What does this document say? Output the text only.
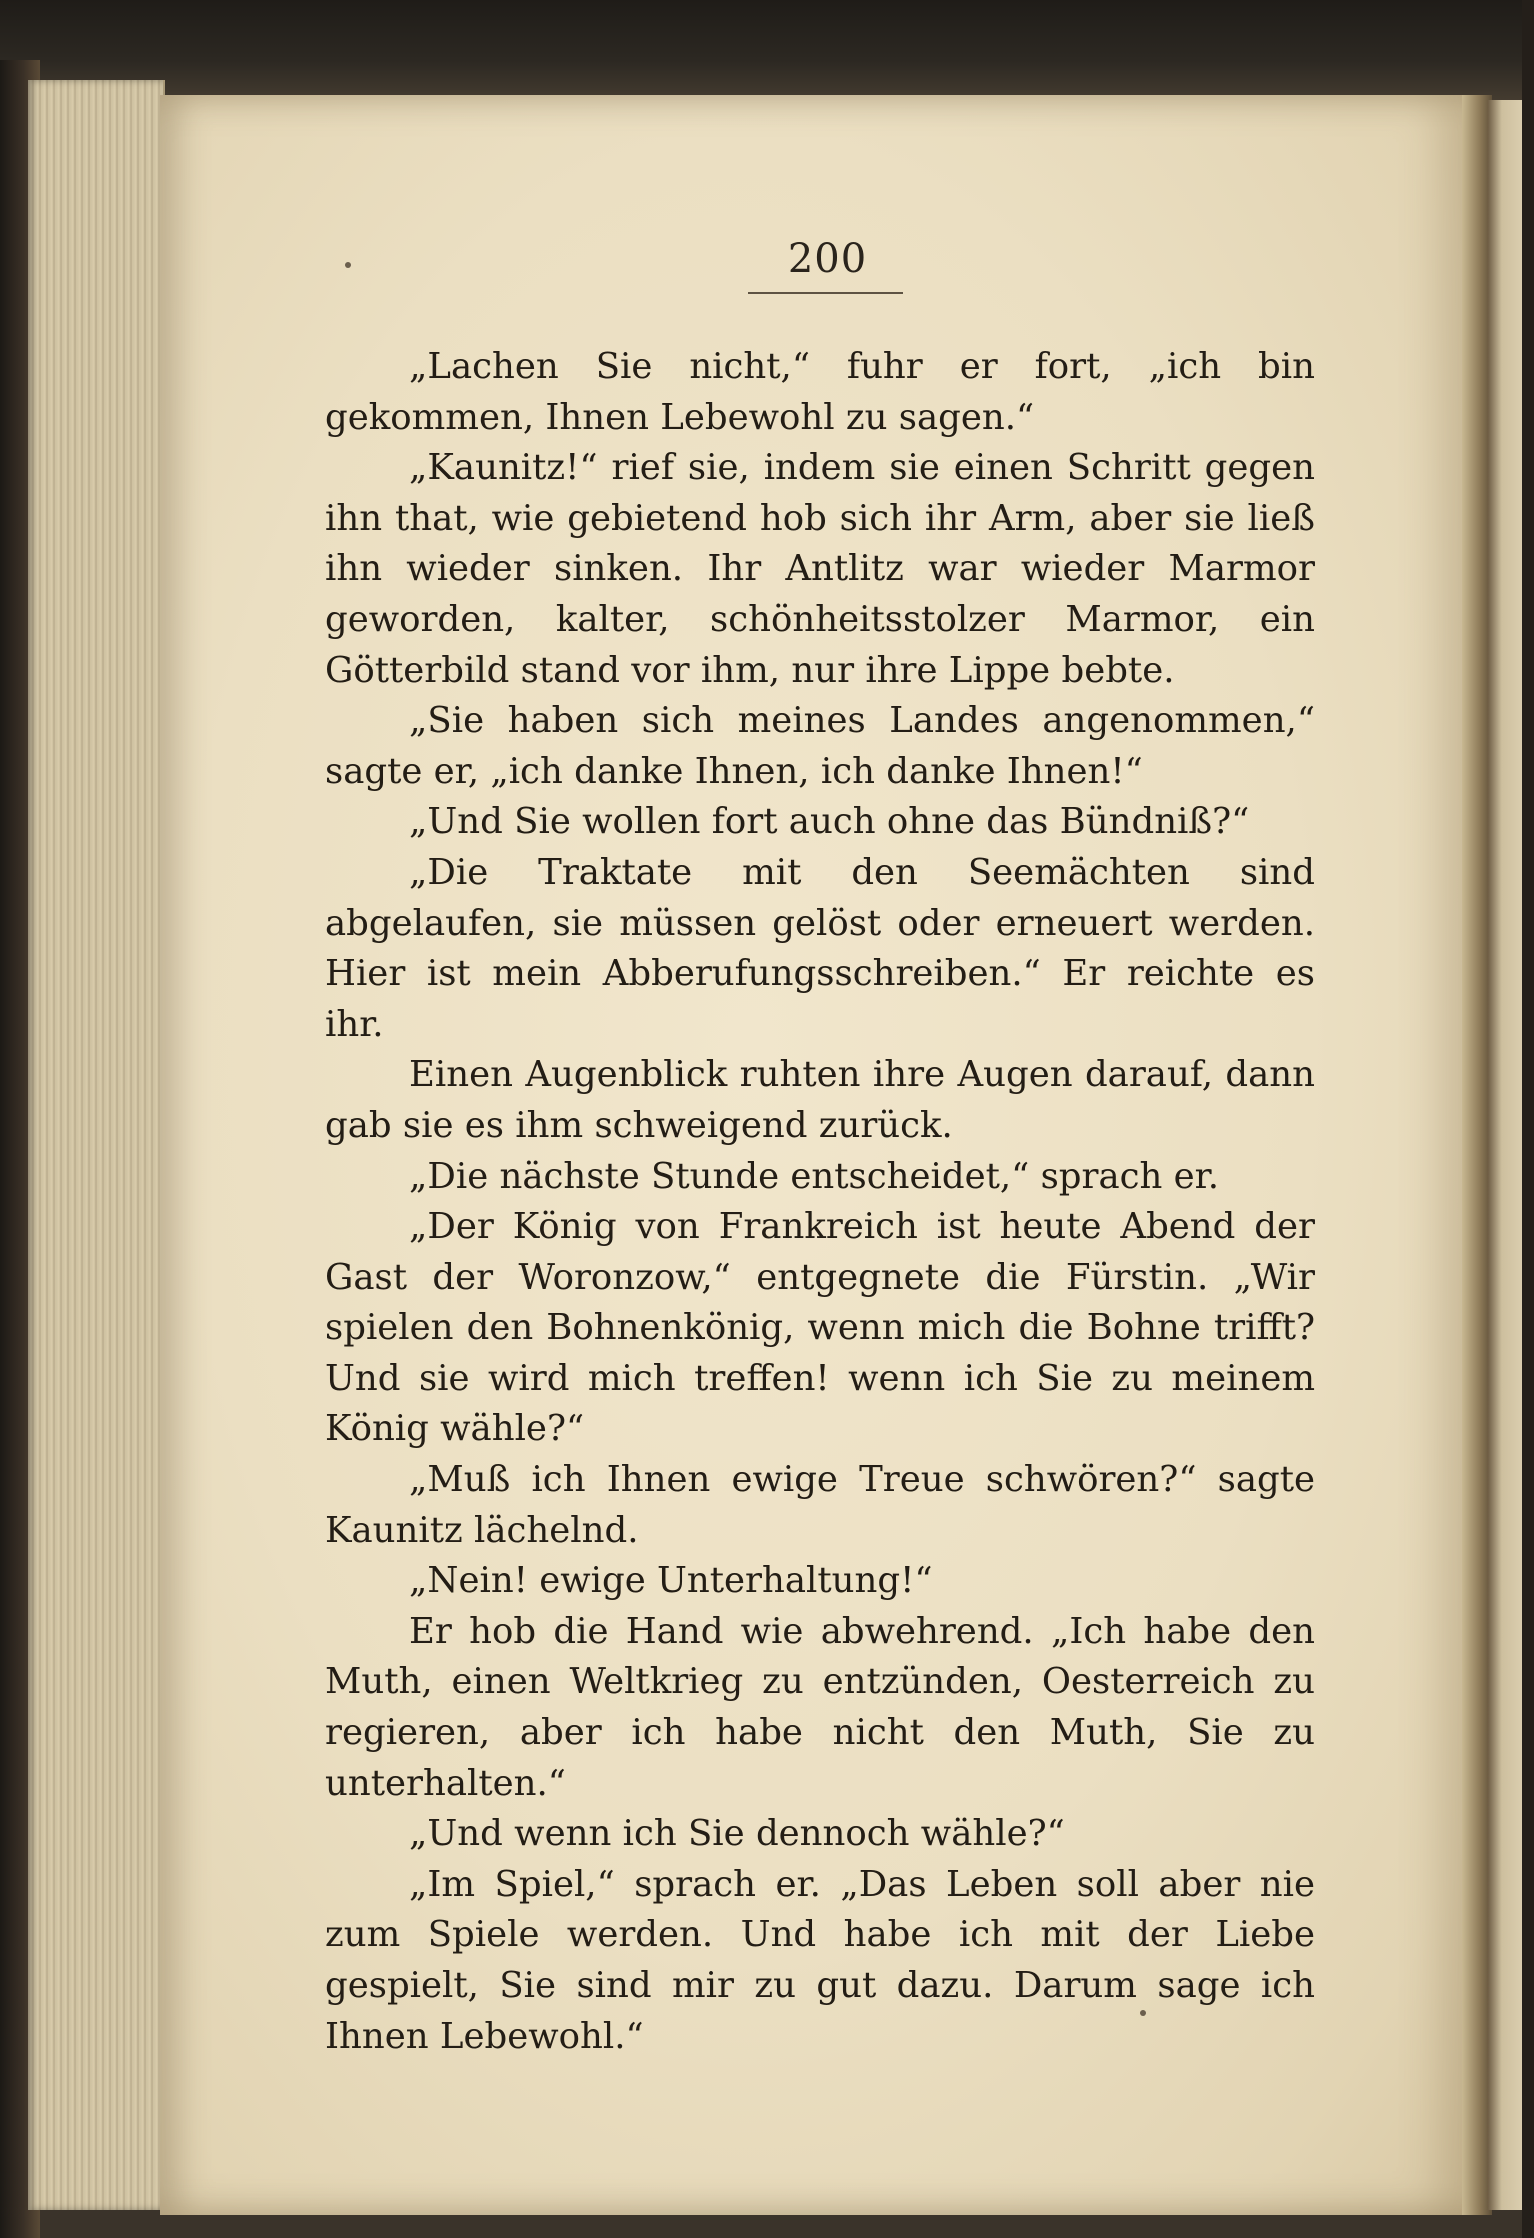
200

„Lachen Sie nicht,“ fuhr er fort, „ich bin gekommen, Ihnen Lebewohl zu sagen.“

„Kaunitz!“ rief sie, indem sie einen Schritt gegen ihn that, wie gebietend hob sich ihr Arm, aber sie ließ ihn wieder sinken. Ihr Antlitz war wieder Marmor geworden, kalter, schönheitsstolzer Marmor, ein Götterbild stand vor ihm, nur ihre Lippe bebte.

„Sie haben sich meines Landes angenommen,“ sagte er, „ich danke Ihnen, ich danke Ihnen!“

„Und Sie wollen fort auch ohne das Bündniß?“

„Die Traktate mit den Seemächten sind abgelaufen, sie müssen gelöst oder erneuert werden. Hier ist mein Abberufungsschreiben.“ Er reichte es ihr.

Einen Augenblick ruhten ihre Augen darauf, dann gab sie es ihm schweigend zurück.

„Die nächste Stunde entscheidet,“ sprach er.

„Der König von Frankreich ist heute Abend der Gast der Woronzow,“ entgegnete die Fürstin. „Wir spielen den Bohnenkönig, wenn mich die Bohne trifft? Und sie wird mich treffen! wenn ich Sie zu meinem König wähle?“

„Muß ich Ihnen ewige Treue schwören?“ sagte Kaunitz lächelnd.

„Nein! ewige Unterhaltung!“

Er hob die Hand wie abwehrend. „Ich habe den Muth, einen Weltkrieg zu entzünden, Oesterreich zu regieren, aber ich habe nicht den Muth, Sie zu unterhalten.“

„Und wenn ich Sie dennoch wähle?“

„Im Spiel,“ sprach er. „Das Leben soll aber nie zum Spiele werden. Und habe ich mit der Liebe gespielt, Sie sind mir zu gut dazu. Darum sage ich Ihnen Lebewohl.“
